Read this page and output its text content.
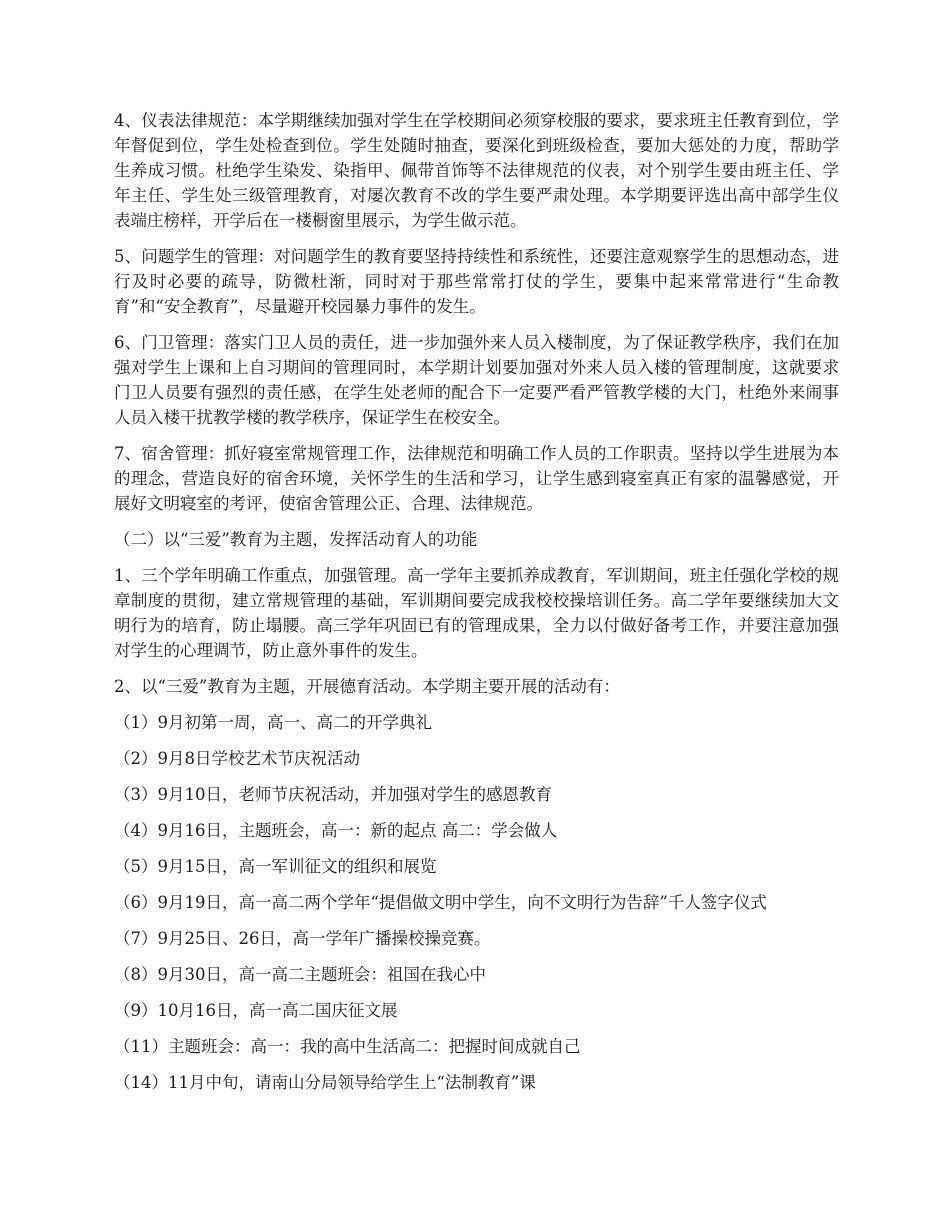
4、仪表法律规范：本学期继续加强对学生在学校期间必须穿校服的要求，要求班主任教育到位，学年督促到位，学生处检查到位。学生处随时抽查，要深化到班级检查，要加大惩处的力度，帮助学生养成习惯。杜绝学生染发、染指甲、佩带首饰等不法律规范的仪表，对个别学生要由班主任、学年主任、学生处三级管理教育，对屡次教育不改的学生要严肃处理。本学期要评选出高中部学生仪表端庄榜样，开学后在一楼橱窗里展示，为学生做示范。

5、问题学生的管理：对问题学生的教育要坚持持续性和系统性，还要注意观察学生的思想动态，进行及时必要的疏导，防微杜渐，同时对于那些常常打仗的学生，要集中起来常常进行“生命教育”和“安全教育”，尽量避开校园暴力事件的发生。

6、门卫管理：落实门卫人员的责任，进一步加强外来人员入楼制度，为了保证教学秩序，我们在加强对学生上课和上自习期间的管理同时，本学期计划要加强对外来人员入楼的管理制度，这就要求门卫人员要有强烈的责任感，在学生处老师的配合下一定要严看严管教学楼的大门，杜绝外来闹事人员入楼干扰教学楼的教学秩序，保证学生在校安全。

7、宿舍管理：抓好寝室常规管理工作，法律规范和明确工作人员的工作职责。坚持以学生进展为本的理念，营造良好的宿舍环境，关怀学生的生活和学习，让学生感到寝室真正有家的温馨感觉，开展好文明寝室的考评，使宿舍管理公正、合理、法律规范。

（二）以“三爱”教育为主题，发挥活动育人的功能

1、三个学年明确工作重点，加强管理。高一学年主要抓养成教育，军训期间，班主任强化学校的规章制度的贯彻，建立常规管理的基础，军训期间要完成我校校操培训任务。高二学年要继续加大文明行为的培育，防止塌腰。高三学年巩固已有的管理成果，全力以付做好备考工作，并要注意加强对学生的心理调节，防止意外事件的发生。

2、以“三爱”教育为主题，开展德育活动。本学期主要开展的活动有：

（1）9月初第一周，高一、高二的开学典礼

（2）9月8日学校艺术节庆祝活动

（3）9月10日，老师节庆祝活动，并加强对学生的感恩教育

（4）9月16日，主题班会，高一：新的起点 高二：学会做人

（5）9月15日，高一军训征文的组织和展览

（6）9月19日，高一高二两个学年“提倡做文明中学生，向不文明行为告辞”千人签字仪式

（7）9月25日、26日，高一学年广播操校操竞赛。

（8）9月30日，高一高二主题班会：祖国在我心中

（9）10月16日，高一高二国庆征文展

（11）主题班会：高一：我的高中生活高二：把握时间成就自己

（14）11月中旬，请南山分局领导给学生上“法制教育”课
